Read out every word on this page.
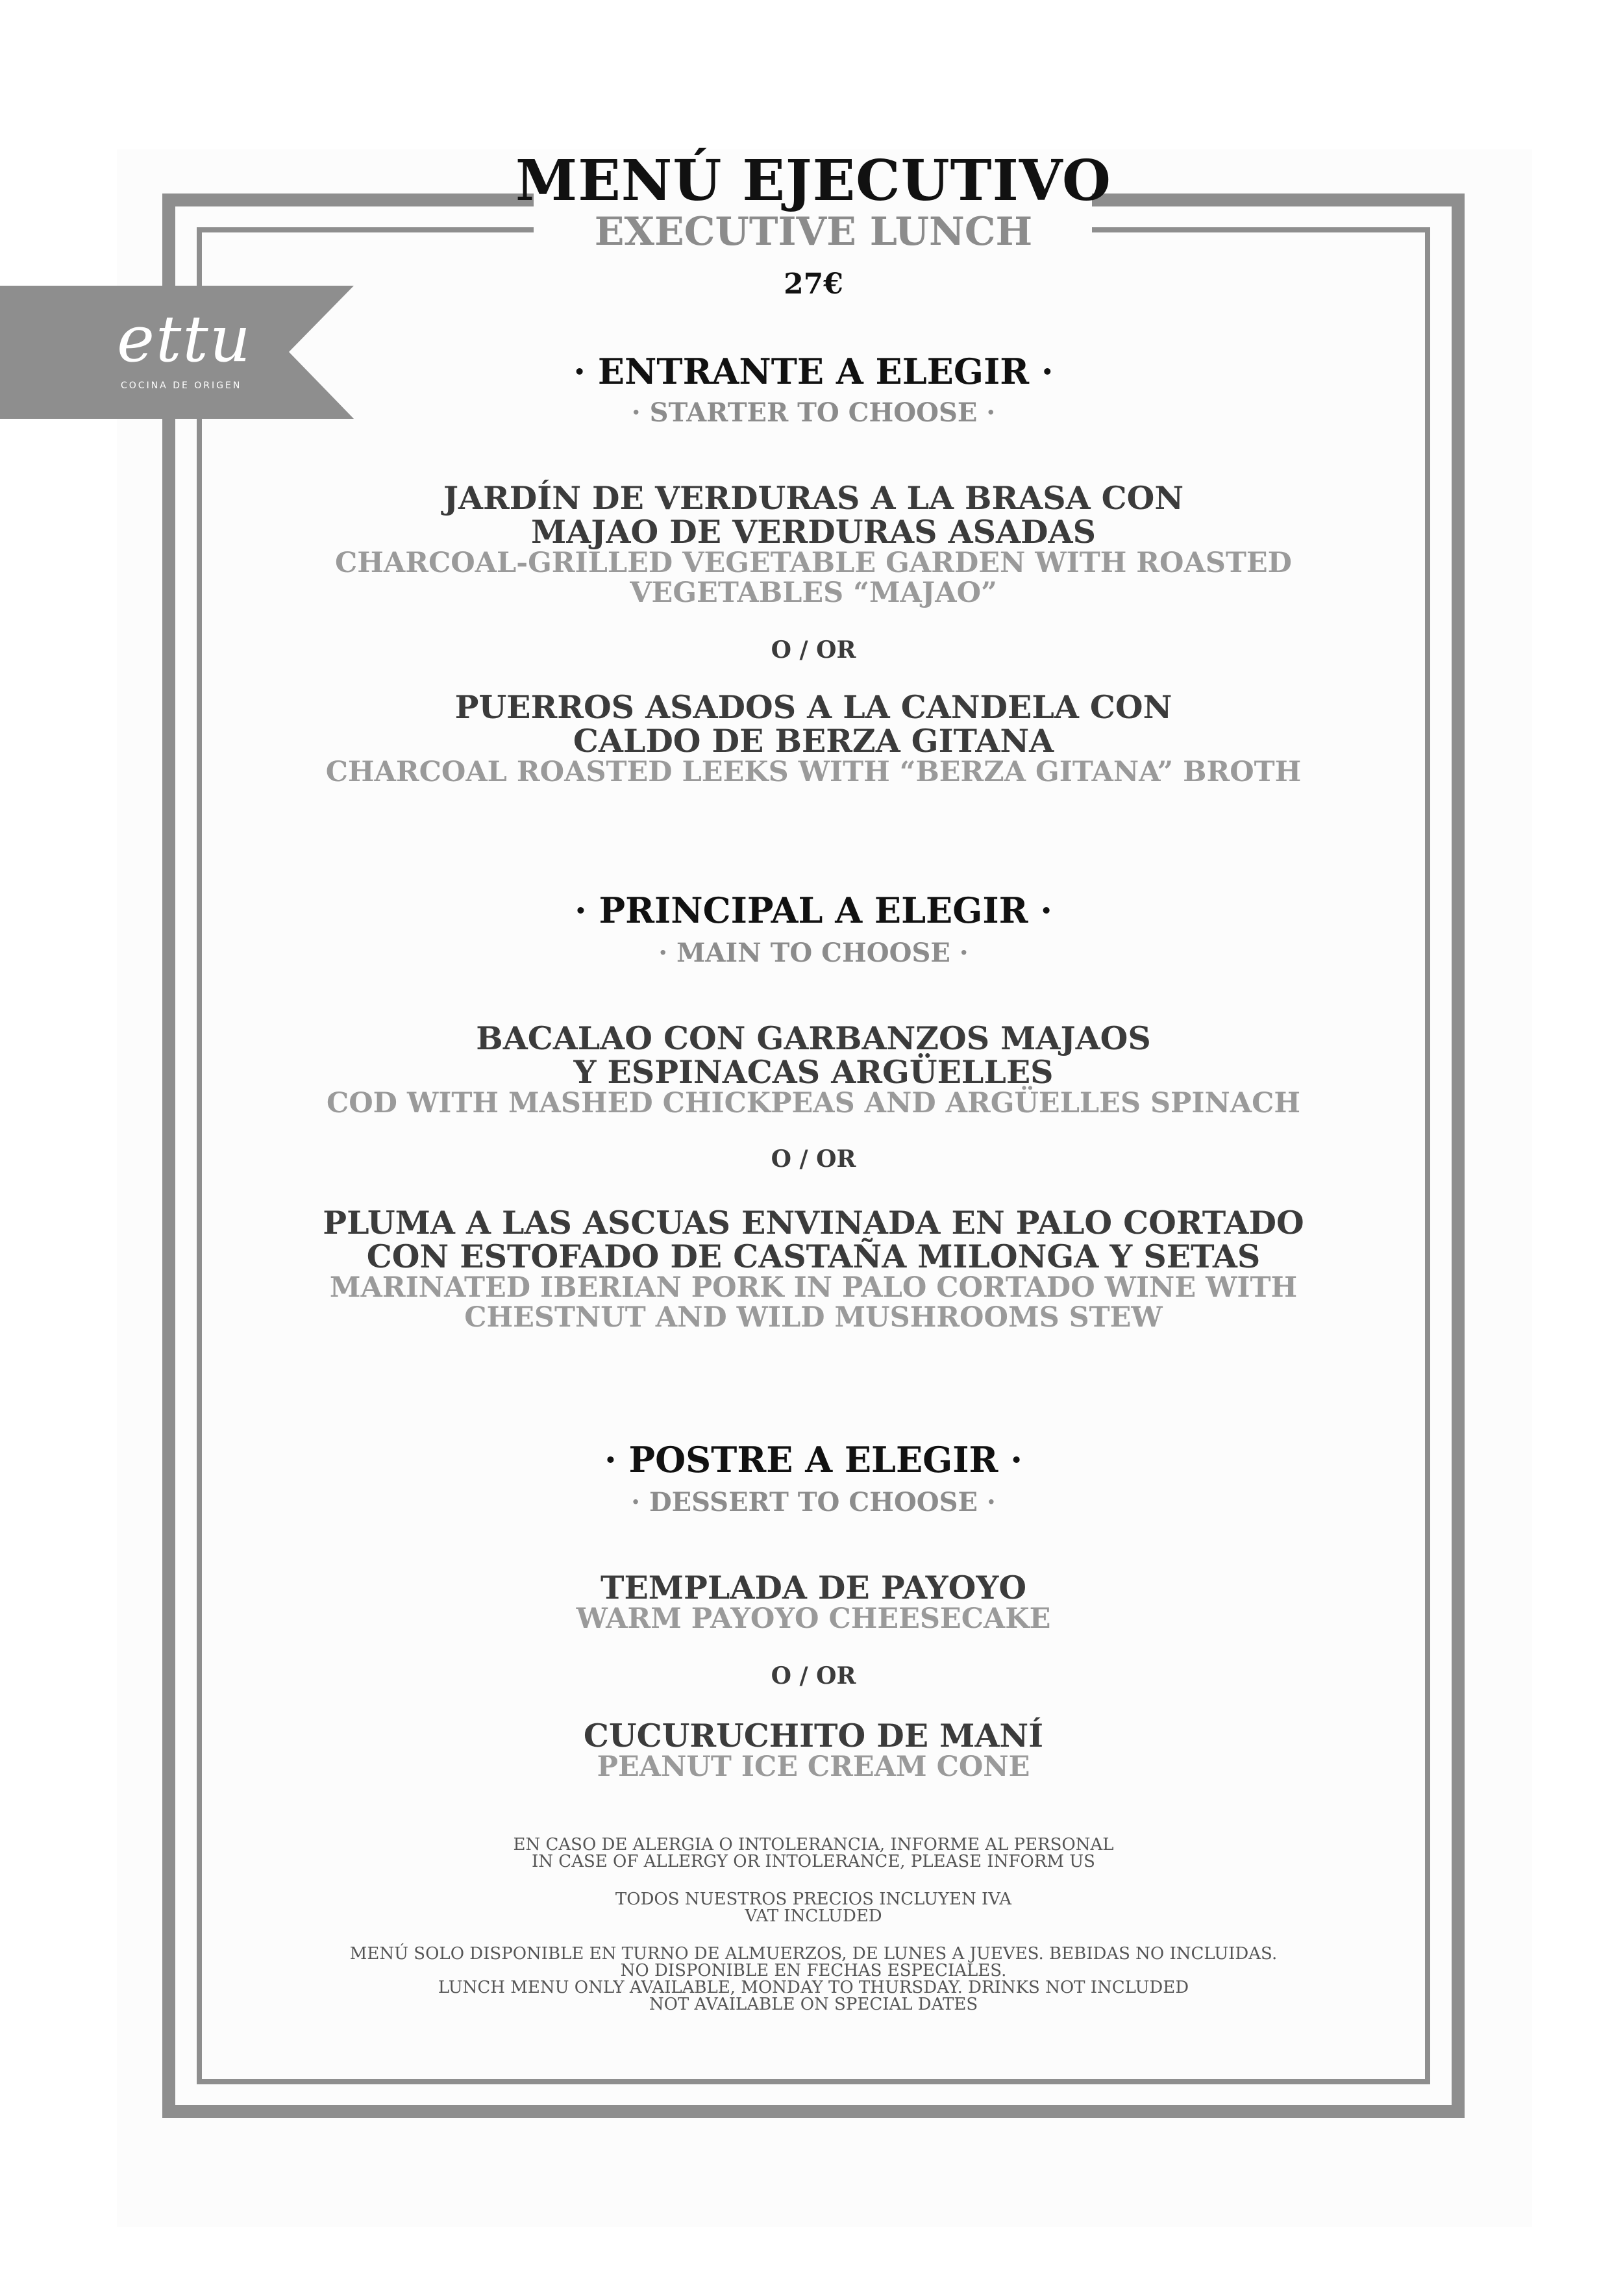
ettu
COCINA DE ORIGEN
MENÚ EJECUTIVO
EXECUTIVE LUNCH
27€
· ENTRANTE A ELEGIR ·
· STARTER TO CHOOSE ·
JARDÍN DE VERDURAS A LA BRASA CON
MAJAO DE VERDURAS ASADAS
CHARCOAL-GRILLED VEGETABLE GARDEN WITH ROASTED
VEGETABLES “MAJAO”
O / OR
PUERROS ASADOS A LA CANDELA CON
CALDO DE BERZA GITANA
CHARCOAL ROASTED LEEKS WITH “BERZA GITANA” BROTH
· PRINCIPAL A ELEGIR ·
· MAIN TO CHOOSE ·
BACALAO CON GARBANZOS MAJAOS
Y ESPINACAS ARGÜELLES
COD WITH MASHED CHICKPEAS AND ARGÜELLES SPINACH
O / OR
PLUMA A LAS ASCUAS ENVINADA EN PALO CORTADO
CON ESTOFADO DE CASTAÑA MILONGA Y SETAS
MARINATED IBERIAN PORK IN PALO CORTADO WINE WITH
CHESTNUT AND WILD MUSHROOMS STEW
· POSTRE A ELEGIR ·
· DESSERT TO CHOOSE ·
TEMPLADA DE PAYOYO
WARM PAYOYO CHEESECAKE
O / OR
CUCURUCHITO DE MANÍ
PEANUT ICE CREAM CONE
EN CASO DE ALERGIA O INTOLERANCIA, INFORME AL PERSONAL
IN CASE OF ALLERGY OR INTOLERANCE, PLEASE INFORM US
TODOS NUESTROS PRECIOS INCLUYEN IVA
VAT INCLUDED
MENÚ SOLO DISPONIBLE EN TURNO DE ALMUERZOS, DE LUNES A JUEVES. BEBIDAS NO INCLUIDAS.
NO DISPONIBLE EN FECHAS ESPECIALES.
LUNCH MENU ONLY AVAILABLE, MONDAY TO THURSDAY. DRINKS NOT INCLUDED
NOT AVAILABLE ON SPECIAL DATES
